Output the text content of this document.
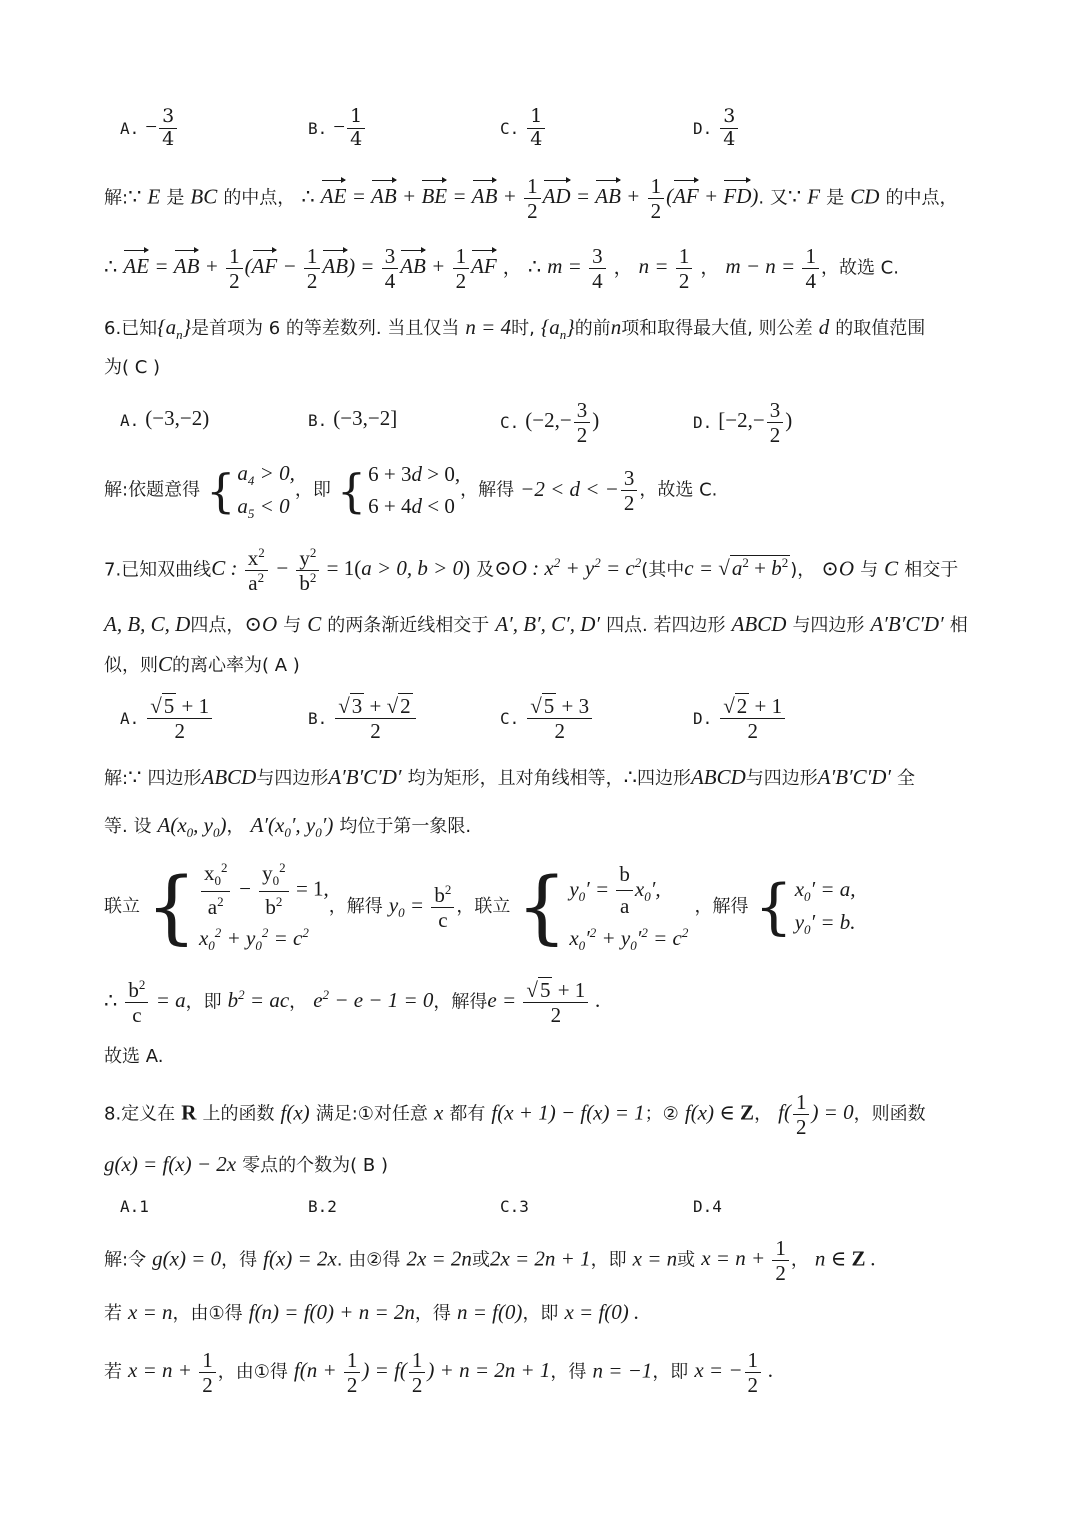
A. − $\frac{3}{4}$	B. − $\frac{1}{4}$	C. $\frac{1}{4}$	D. $\frac{3}{4}$
解:∵ E 是 BC 的中点， ∴ AE = AB + BE = AB + $\frac{1}{2}$ AD = AB + $\frac{1}{2} (AF + FD)$. 又∵ F 是 CD 的中点，
∴ AE = AB + $\frac{1}{2} (AF - \frac{1}{2} AB) = \frac{3}{4}$ AB + $\frac{1}{2}$ AF ， ∴ $m = \frac{3}{4}$ ， $n = \frac{1}{2}$ ， $m - n = \frac{1}{4}$ ，故选 C.
6.已知$\{a_n\}$是首项为 6 的等差数列. 当且仅当 n = 4时, $\{a_n\}$的前n项和取得最大值, 则公差 d 的取值范围
为( C )
A. (−3,−2)	B. (−3,−2]	C. ($-2,- \frac{3}{2}$ )	D. [$-2,- \frac{3}{2}$ )
解:依题意得 { $a_4 > 0$,
$a_5 < 0$
，即 { 6 + 3d > 0,
6 + 4d < 0
，解得 −2 < d < − $\frac{3}{2}$ ，故选 C.
7.已知双曲线C : $\frac{x^2}{a^2} - \frac{y^2}{b^2} = 1(a > 0$, b > 0) 及⊙O : $x^2 + y^2 = c^2$(其中$c = √a^2 + b^2$ )， ⊙O 与 C 相交于
A, B, C, D四点，⊙O 与 C 的两条渐近线相交于 A′, B′, C′, D′ 四点. 若四边形 ABCD 与四边形 A′B′C′D′ 相
似，则C的离心率为( A )
A. $\frac{√5 + 1}{2}$	B. $\frac{√3 + √2}{2}$	C. $\frac{√5 + 3}{2}$	D. $\frac{√2 + 1}{2}$
解:∵ 四边形ABCD与四边形A′B′C′D′ 均为矩形，且对角线相等，∴四边形ABCD与四边形A′B′C′D′ 全
等. 设 $A(x_0$, $y_0$)， $A'(x_0'$, $y_0'$) 均位于第一象限.
联立 { $\frac{x_0^2}{a^2} - \frac{y_0^2}{b^2} = 1$,
$x_0^2 + y_0^2 = c^2$
，解得 $y_0 = \frac{b^2}{c}$ ，联立 { $y_0' = \frac{b}{a} x_0'$,
$x_0'^2 + y_0'^2 = c^2$
，解得 { $x_0' = a$,
$y_0' = b$.
∴ $\frac{b^2}{c} = a$，即 $b^2$ = ac， $e^2 - e - 1 = 0$，解得$e = \frac{√5 + 1}{2}$ .
故选 A.
8.定义在 R 上的函数 f(x) 满足:①对任意 x 都有 f(x + 1) − f(x) = 1；② f(x) ∈ Z， $f( \frac{1}{2}$ ) = 0，则函数
g(x) = f(x) − 2x 零点的个数为( B )
A.1	B.2	C.3	D.4
解:令 g(x) = 0，得 f(x) = 2x. 由②得 2x = 2n或2x = 2n + 1，即 x = n或 $x = n + \frac{1}{2}$ ， n ∈ Z .
若 x = n，由①得 f(n) = f(0) + n = 2n，得 n = f(0)，即 x = f(0) .
若 $x = n + \frac{1}{2}$ ，由①得 $f(n + \frac{1}{2}$ ) = $f( \frac{1}{2}$ ) + n = 2n + 1，得 n = −1，即 x = − $\frac{1}{2}$ .
